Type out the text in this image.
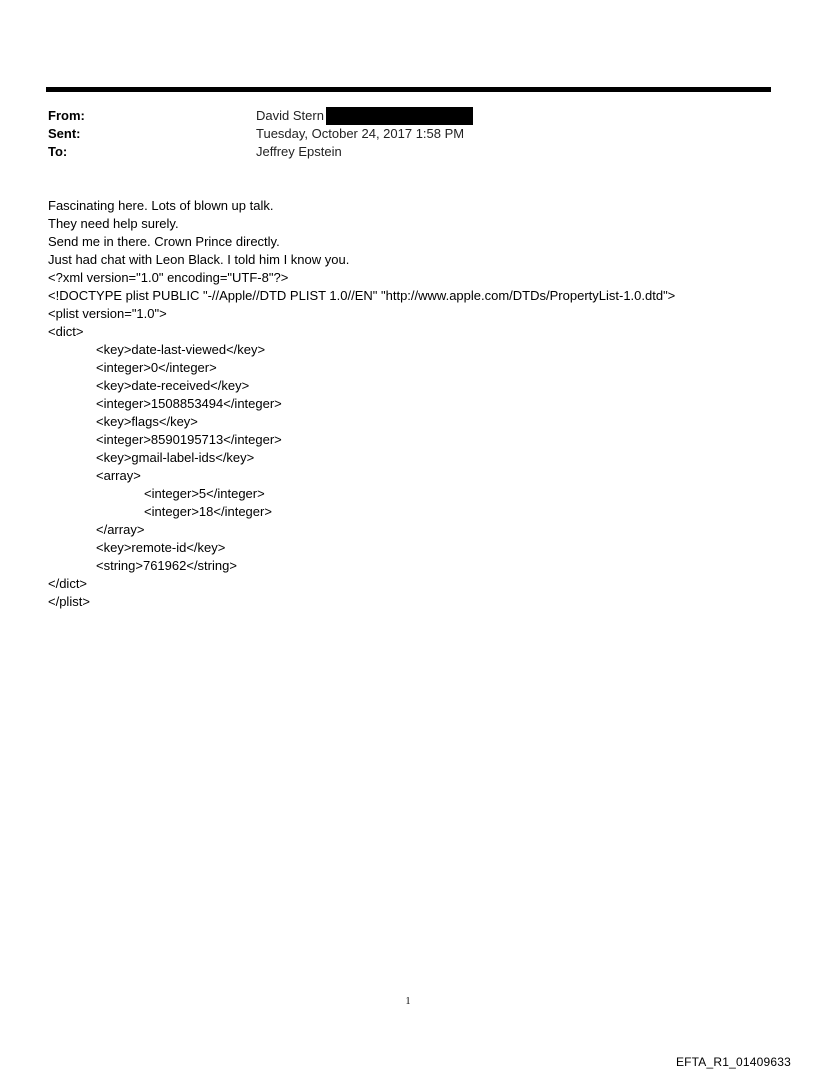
From:	David Stern
Sent:	Tuesday, October 24, 2017 1:58 PM
To:	Jeffrey Epstein
Fascinating here. Lots of blown up talk.
They need help surely.
Send me in there. Crown Prince directly.
Just had chat with Leon Black. I told him I know you.
<?xml version="1.0" encoding="UTF-8"?>
<!DOCTYPE plist PUBLIC "-//Apple//DTD PLIST 1.0//EN" "http://www.apple.com/DTDs/PropertyList-1.0.dtd">
<plist version="1.0">
<dict>
<key>date-last-viewed</key>
<integer>0</integer>
<key>date-received</key>
<integer>1508853494</integer>
<key>flags</key>
<integer>8590195713</integer>
<key>gmail-label-ids</key>
<array>
<integer>5</integer>
<integer>18</integer>
</array>
<key>remote-id</key>
<string>761962</string>
</dict>
</plist>
1
EFTA_R1_01409633
